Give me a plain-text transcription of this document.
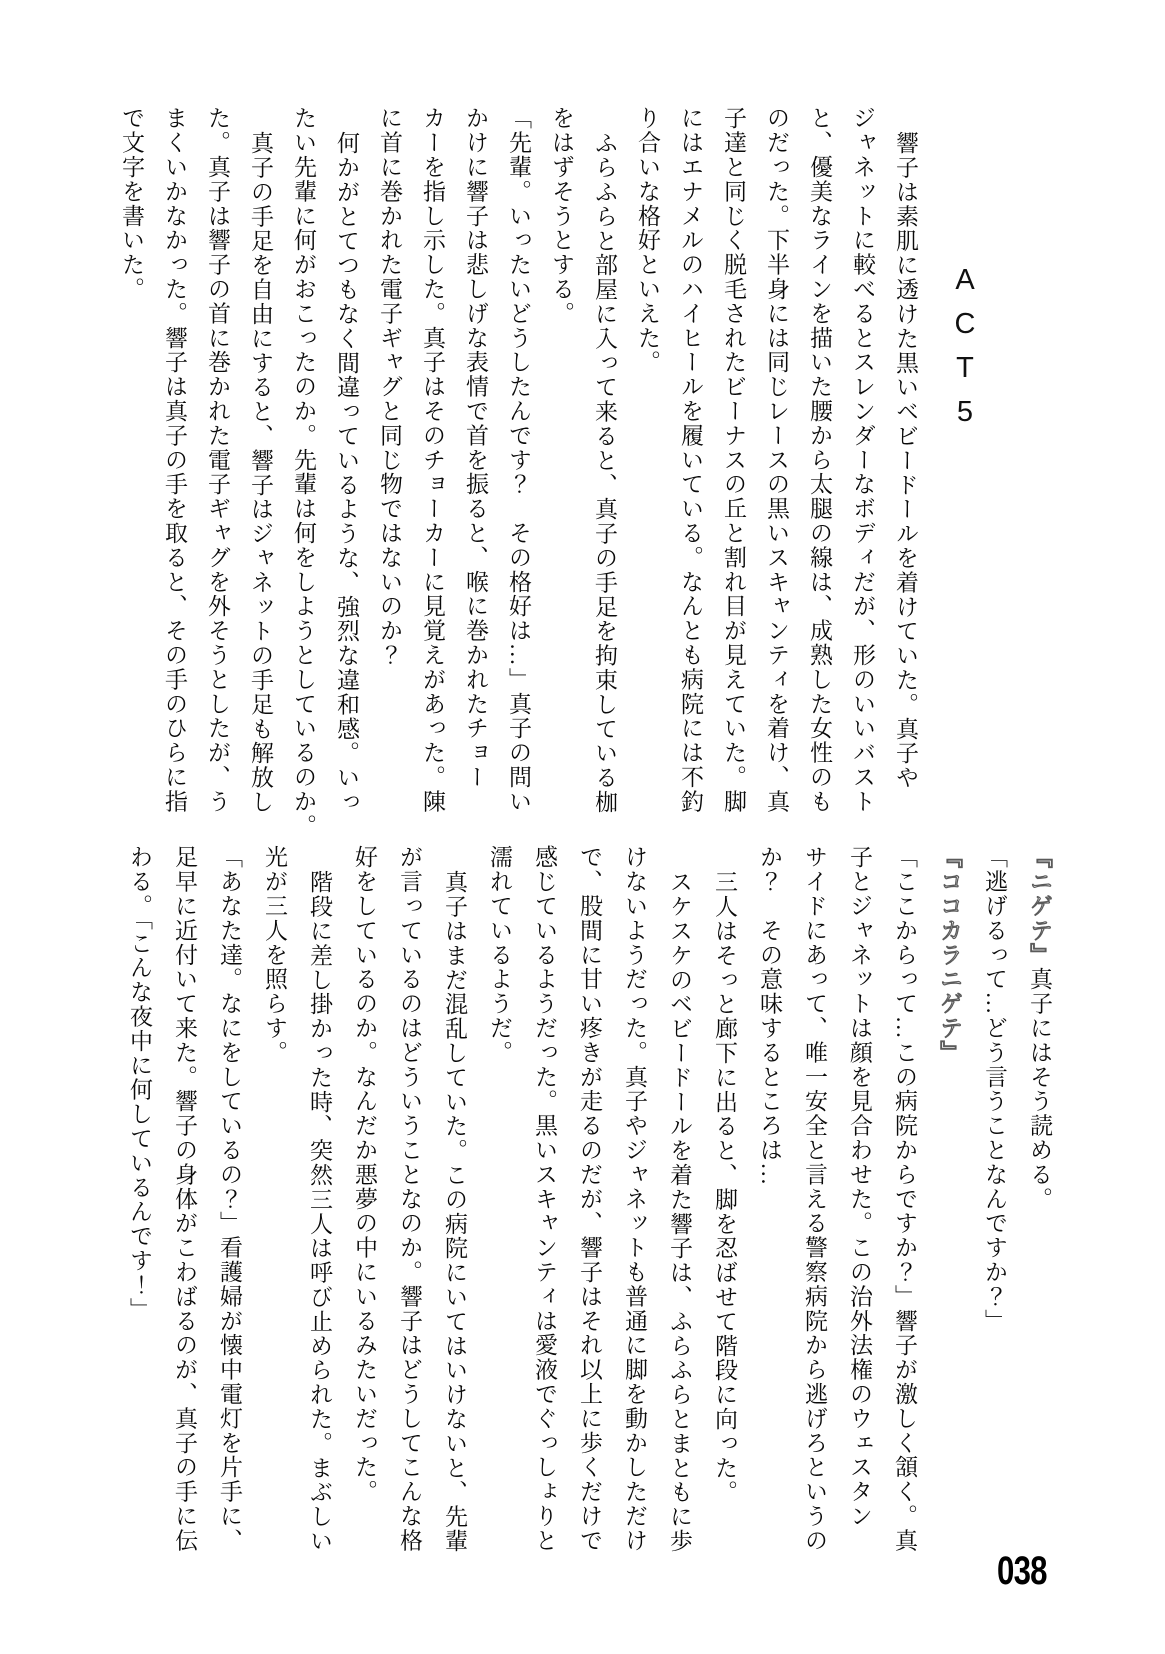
ACT5
響子は素肌に透けた黒いベビードールを着けていた。真子や
ジャネットに較べるとスレンダーなボディだが、形のいいバスト
と、優美なラインを描いた腰から太腿の線は、成熟した女性のも
のだった。下半身には同じレースの黒いスキャンティを着け、真
子達と同じく脱毛されたビーナスの丘と割れ目が見えていた。脚
にはエナメルのハイヒールを履いている。なんとも病院には不釣
り合いな格好といえた。
ふらふらと部屋に入って来ると、真子の手足を拘束している枷
をはずそうとする。
「先輩。いったいどうしたんです？　その格好は…」真子の問い
かけに響子は悲しげな表情で首を振ると、喉に巻かれたチョー
カーを指し示した。真子はそのチョーカーに見覚えがあった。陳
に首に巻かれた電子ギャグと同じ物ではないのか？
何かがとてつもなく間違っているような、強烈な違和感。いっ
たい先輩に何がおこったのか。先輩は何をしようとしているのか。
真子の手足を自由にすると、響子はジャネットの手足も解放し
た。真子は響子の首に巻かれた電子ギャグを外そうとしたが、う
まくいかなかった。響子は真子の手を取ると、その手のひらに指
で文字を書いた。
『ニゲテ』真子にはそう読める。
「逃げるって…どう言うことなんですか？」
『ココカラニゲテ』
「ここからって…この病院からですか？」響子が激しく頷く。真
子とジャネットは顔を見合わせた。この治外法権のウェスタン
サイドにあって、唯一安全と言える警察病院から逃げろというの
か？　その意味するところは…
三人はそっと廊下に出ると、脚を忍ばせて階段に向った。
スケスケのベビードールを着た響子は、ふらふらとまともに歩
けないようだった。真子やジャネットも普通に脚を動かしただけ
で、股間に甘い疼きが走るのだが、響子はそれ以上に歩くだけで
感じているようだった。黒いスキャンティは愛液でぐっしょりと
濡れているようだ。
真子はまだ混乱していた。この病院にいてはいけないと、先輩
が言っているのはどういうことなのか。響子はどうしてこんな格
好をしているのか。なんだか悪夢の中にいるみたいだった。
階段に差し掛かった時、突然三人は呼び止められた。まぶしい
光が三人を照らす。
「あなた達。なにをしているの？」看護婦が懐中電灯を片手に、
足早に近付いて来た。響子の身体がこわばるのが、真子の手に伝
わる。「こんな夜中に何しているんです！」
038
